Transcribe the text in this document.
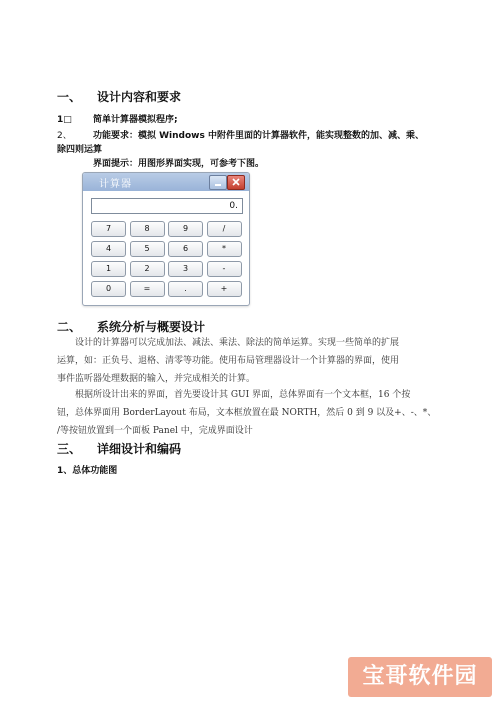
一、 设计内容和要求
1□ 简单计算器模拟程序;
2、 功能要求：模拟 Windows 中附件里面的计算器软件，能实现整数的加、减、乘、
除四则运算
界面提示：用图形界面实现，可参考下图。
计算器
0.
7	8	9	/
4	5	6	*
1	2	3	-
0	=	.	+
二、 系统分析与概要设计
设计的计算器可以完成加法、减法、乘法、除法的简单运算。实现一些简单的扩展
运算，如：正负号、退格、清零等功能。使用布局管理器设计一个计算器的界面，使用
事件监听器处理数据的输入，并完成相关的计算。
根据所设计出来的界面，首先要设计其 GUI 界面，总体界面有一个文本框，16 个按
钮，总体界面用 BorderLayout 布局，文本框放置在最 NORTH，然后 0 到 9 以及+、-、*、
/等按钮放置到一个面板 Panel 中，完成界面设计
三、 详细设计和编码
1、总体功能图
宝哥软件园
